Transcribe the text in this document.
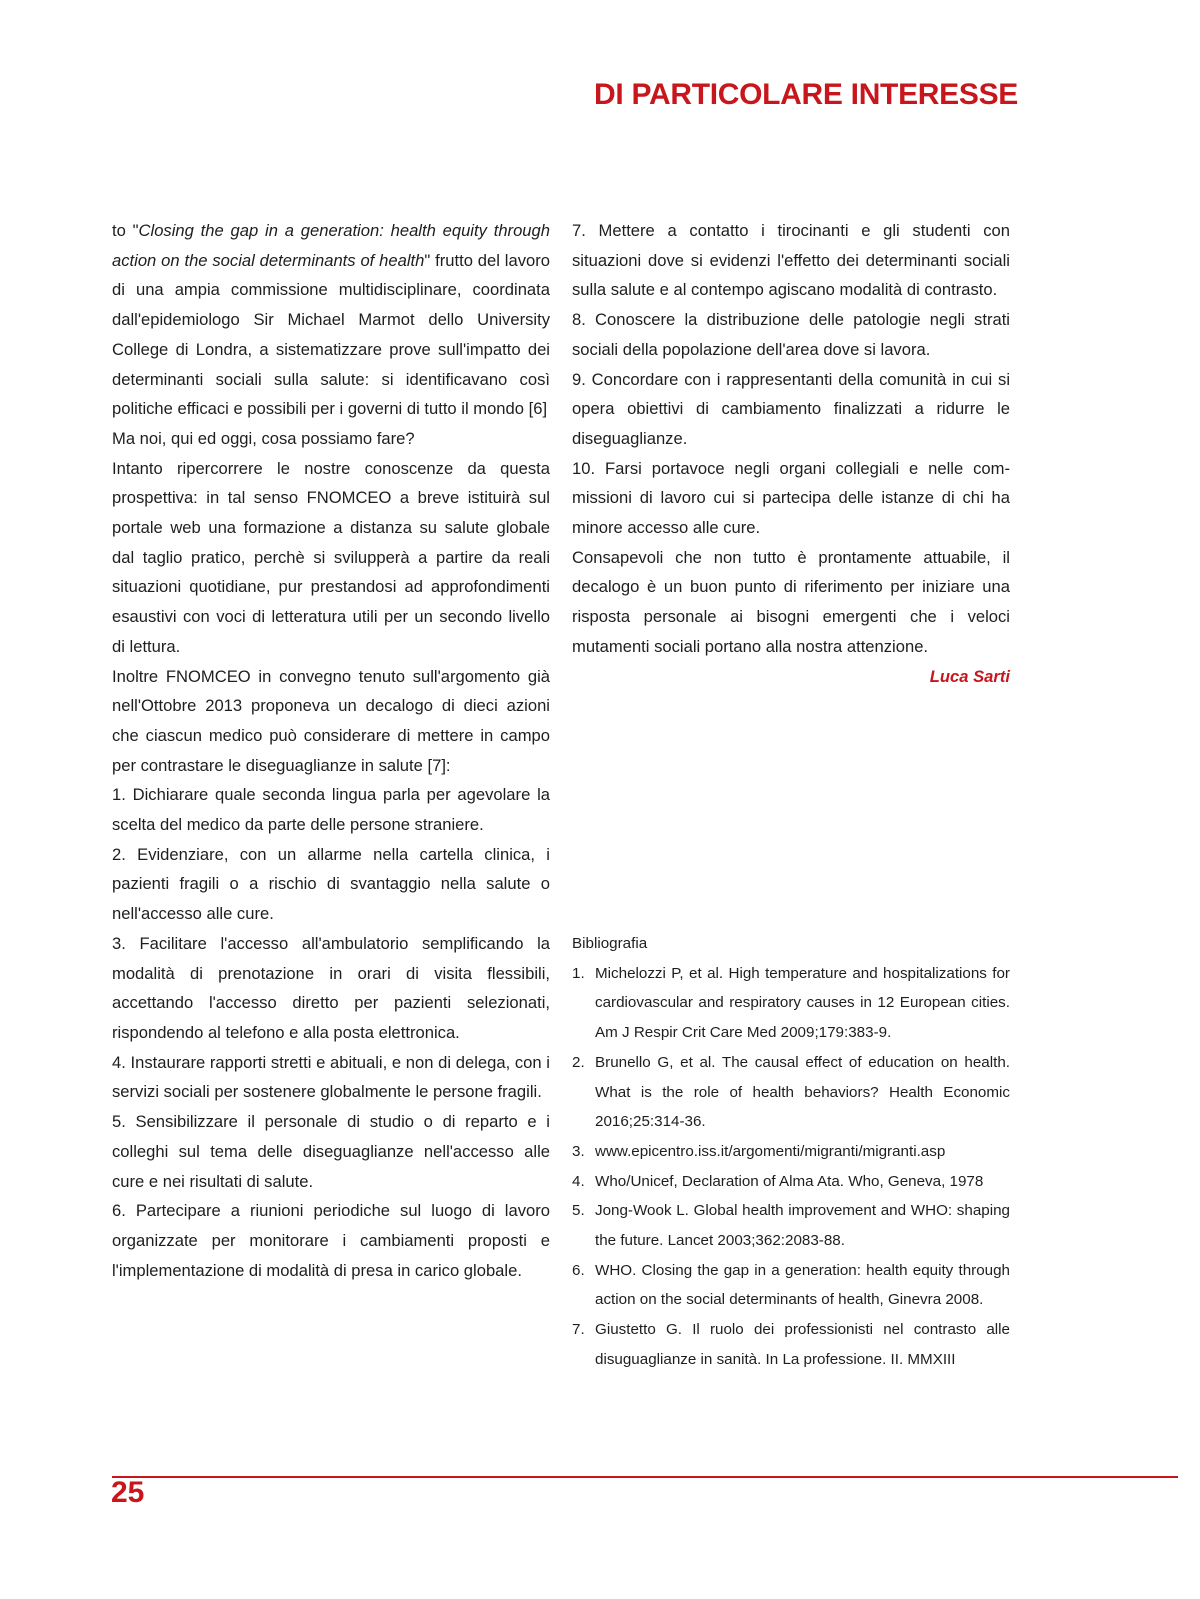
DI PARTICOLARE INTERESSE

to "Closing the gap in a generation: health equity through action on the social determinants of health" frutto del lavoro di una ampia commissione multidisciplinare, coordinata dall'epidemiologo Sir Michael Marmot dello University College di Londra, a sistematizzare prove sull'impatto dei determinanti sociali sulla salute: si identificavano così politiche efficaci e possibili per i governi di tutto il mondo [6]

Ma noi, qui ed oggi, cosa possiamo fare?

Intanto ripercorrere le nostre conoscenze da questa prospettiva: in tal senso FNOMCEO a breve istituirà sul portale web una formazione a distanza su salute globale dal taglio pratico, perchè si svilupperà a partire da reali situazioni quotidiane, pur prestandosi ad approfondimenti esaustivi con voci di letteratura utili per un secondo livello di lettura.

Inoltre FNOMCEO in convegno tenuto sull'argomento già nell'Ottobre 2013 proponeva un decalogo di dieci azioni che ciascun medico può considerare di mettere in campo per contrastare le diseguaglianze in salute [7]:

1. Dichiarare quale seconda lingua parla per agevolare la scelta del medico da parte delle persone straniere.

2. Evidenziare, con un allarme nella cartella clinica, i pazienti fragili o a rischio di svantaggio nella salute o nell'accesso alle cure.

3. Facilitare l'accesso all'ambulatorio semplificando la modalità di prenotazione in orari di visita flessibili, accettando l'accesso diretto per pazienti selezionati, rispondendo al telefono e alla posta elettronica.

4. Instaurare rapporti stretti e abituali, e non di delega, con i servizi sociali per sostenere globalmente le persone fragili.

5. Sensibilizzare il personale di studio o di reparto e i colleghi sul tema delle diseguaglianze nell'accesso alle cure e nei risultati di salute.

6. Partecipare a riunioni periodiche sul luogo di lavoro organizzate per monitorare i cambiamenti proposti e l'implementazione di modalità di presa in carico globale.

7. Mettere a contatto i tirocinanti e gli studenti con situazioni dove si evidenzi l'effetto dei determinanti sociali sulla salute e al contempo agiscano modalità di contrasto.

8. Conoscere la distribuzione delle patologie negli strati sociali della popolazione dell'area dove si lavora.

9. Concordare con i rappresentanti della comunità in cui si opera obiettivi di cambiamento finalizzati a ridurre le diseguaglianze.

10. Farsi portavoce negli organi collegiali e nelle commissioni di lavoro cui si partecipa delle istanze di chi ha minore accesso alle cure.

Consapevoli che non tutto è prontamente attuabile, il decalogo è un buon punto di riferimento per iniziare una risposta personale ai bisogni emergenti che i veloci mutamenti sociali portano alla nostra attenzione.

Luca Sarti

Bibliografia

1. Michelozzi P, et al. High temperature and hospitalizations for cardiovascular and respiratory causes in 12 European cities. Am J Respir Crit Care Med 2009;179:383-9.
2. Brunello G, et al. The causal effect of education on health. What is the role of health behaviors? Health Economic 2016;25:314-36.
3. www.epicentro.iss.it/argomenti/migranti/migranti.asp
4. Who/Unicef, Declaration of Alma Ata. Who, Geneva, 1978
5. Jong-Wook L. Global health improvement and WHO: shaping the future. Lancet 2003;362:2083-88.
6. WHO. Closing the gap in a generation: health equity through action on the social determinants of health, Ginevra 2008.
7. Giustetto G. Il ruolo dei professionisti nel contrasto alle disuguaglianze in sanità. In La professione. II. MMXIII
25
